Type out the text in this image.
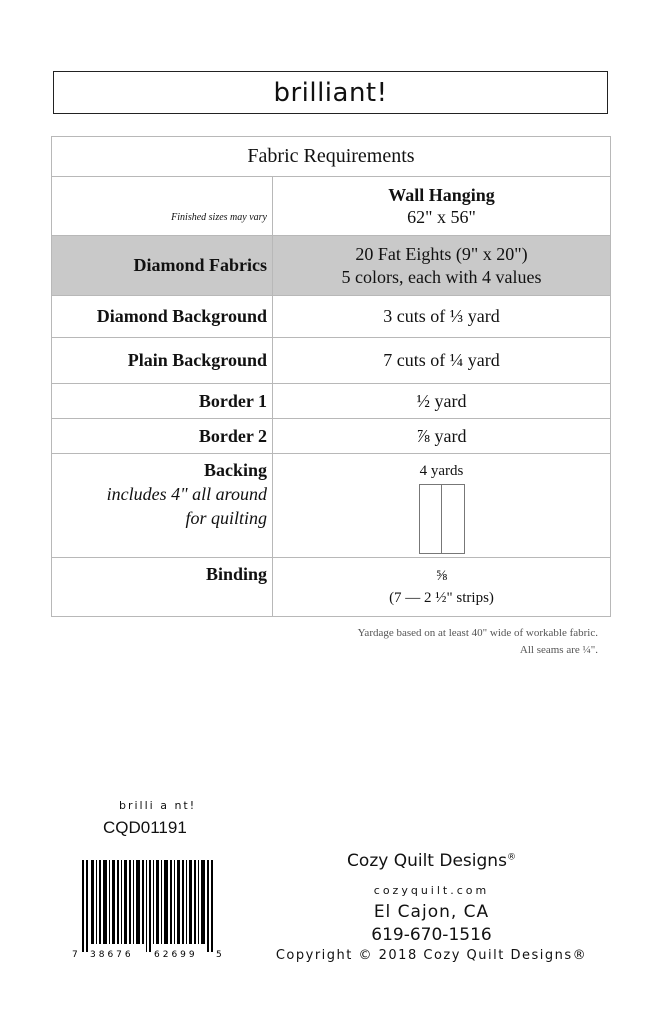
brilliant!
Fabric Requirements	

Finished sizes may vary	Wall Hanging
62" x 56"

Diamond Fabrics	20 Fat Eights (9" x 20")
5 colors, each with 4 values

Diamond Background	3 cuts of ⅓ yard
Plain Background	7 cuts of ¼ yard
Border 1	½ yard
Border 2	⅞ yard

Backing
includes 4" all around
for quilting	4 yards

Binding	⅝
(7 — 2 ½" strips)
Yardage based on at least 40" wide of workable fabric.
All seams are ¼".
brilli a nt!
CQD01191
7 38676 62699 5
Cozy Quilt Designs®
cozyquilt.com
El Cajon, CA
619-670-1516
Copyright © 2018 Cozy Quilt Designs®
